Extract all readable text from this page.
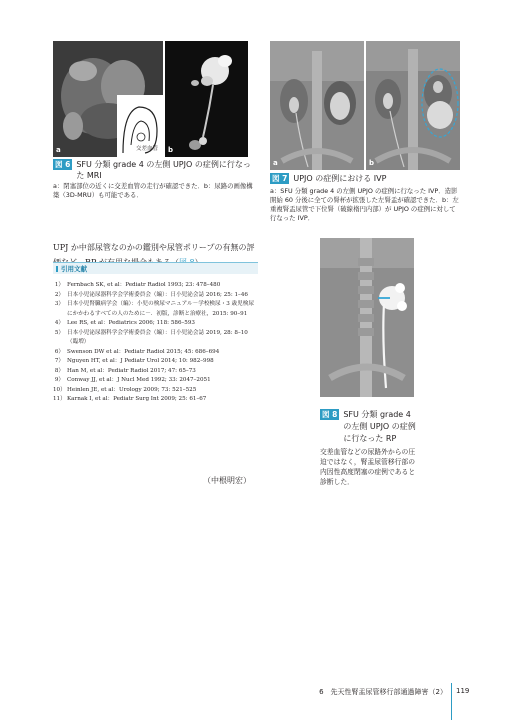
a	交差血管 b
図 6 SFU 分類 grade 4 の左側 UPJO の症例に行なった MRI
a：閉塞部位の近くに交差血管の走行が確認できた．b：尿路の画像構築（3D-MRU）も可能である．
a	b
図 7 UPJO の症例における IVP
a：SFU 分類 grade 4 の左側 UPJO の症例に行なった IVP．造影開始 60 分後に全ての腎杯が拡張した左腎盂が確認できた．b：左重複腎盂尿管で下位腎（破線楕円内部）が UPJO の症例に対して行なった IVP．
図 8 SFU 分類 grade 4 の左側 UPJO の症例に行なった RP
交差血管などの尿路外からの圧迫ではなく，腎盂尿管移行部の内因性高度閉塞の症例であると診断した．

UPJ か中部尿管なのかの鑑別や尿管ポリープの有無の評

引用文献
1） Fernbach SK, et al：Pediatr Radiol 1993; 23: 478–480
2） 日本小児泌尿器科学会学術委員会（編）：日小児泌会誌 2016; 25: 1–46
3） 日本小児腎臓病学会（編）：小児の検尿マニュアル－学校検尿・3 歳児検尿にかかわるすべての人のために－．初版，診断と治療社，2015: 90–91
4） Lee RS, et al：Pediatrics 2006; 118: 586–593
5） 日本小児泌尿器科学会学術委員会（編）：日小児泌会誌 2019, 28: 8–10（臨増）
6） Swenson DW et al：Pediatr Radiol 2015; 45: 686–694
7） Nguyen HT, et al：J Pediatr Urol 2014; 10: 982–998
8） Han M, et al：Pediatr Radiol 2017; 47: 65–73
9） Conway JJ, et al：J Nucl Med 1992; 33: 2047–2051
10） Heinlen JE, et al：Urology 2009; 73: 521–525
11） Karnak I, et al：Pediatr Surg Int 2009; 25: 61–67
（中根明宏）
6　先天性腎盂尿管移行部通過障害（2） 119
